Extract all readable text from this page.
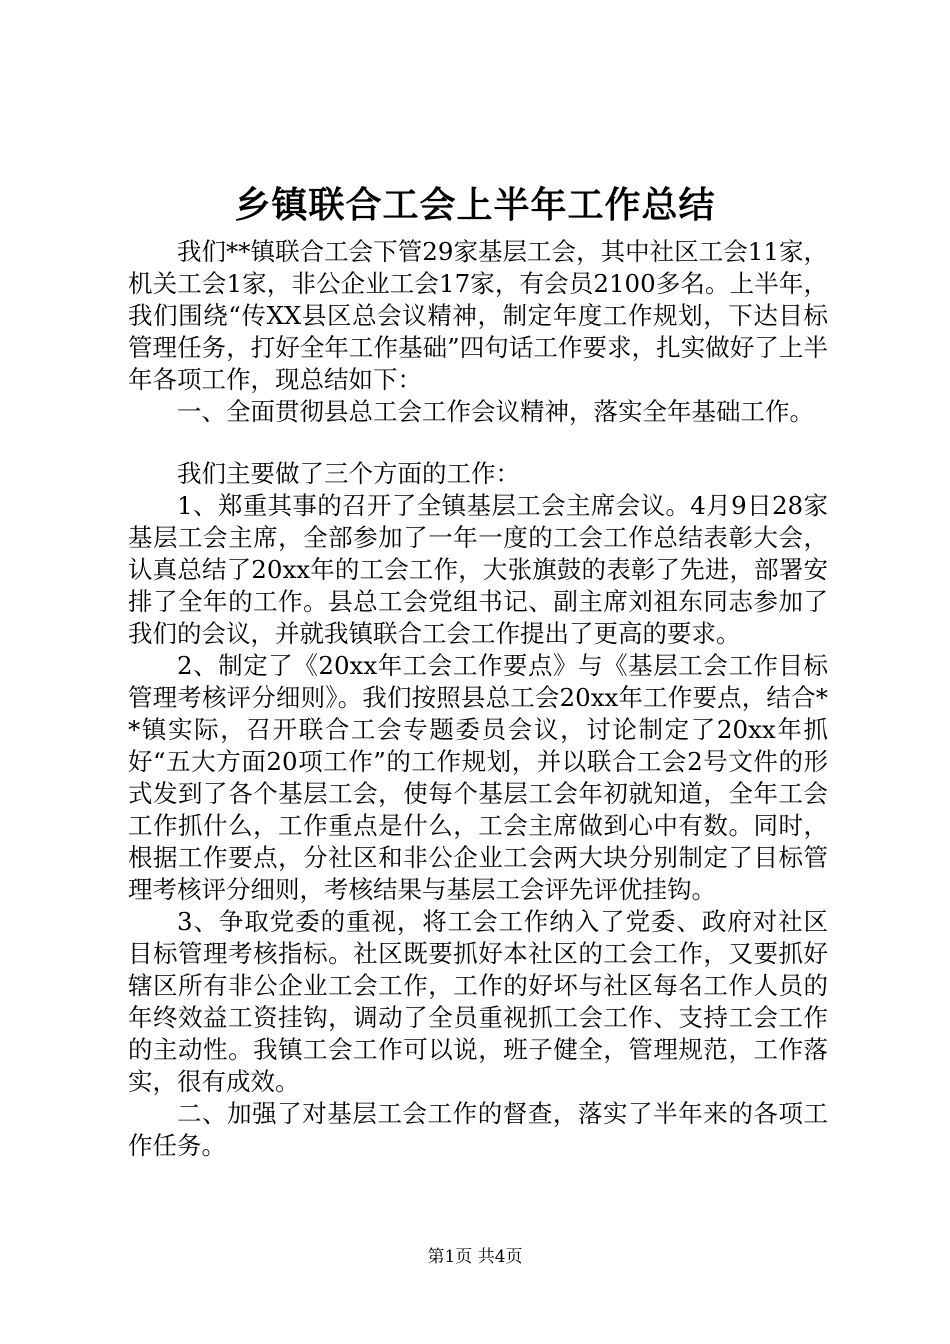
乡镇联合工会上半年工作总结

我们**镇联合工会下管29家基层工会，其中社区工会11家，机关工会1家，非公企业工会17家，有会员2100多名。上半年，我们围绕“传XX县区总会议精神，制定年度工作规划，下达目标管理任务，打好全年工作基础”四句话工作要求，扎实做好了上半年各项工作，现总结如下：

一、全面贯彻县总工会工作会议精神，落实全年基础工作。

我们主要做了三个方面的工作：

1、郑重其事的召开了全镇基层工会主席会议。4月9日28家基层工会主席，全部参加了一年一度的工会工作总结表彰大会，认真总结了20xx年的工会工作，大张旗鼓的表彰了先进，部署安排了全年的工作。县总工会党组书记、副主席刘祖东同志参加了我们的会议，并就我镇联合工会工作提出了更高的要求。

2、制定了《20xx年工会工作要点》与《基层工会工作目标管理考核评分细则》。我们按照县总工会20xx年工作要点，结合**镇实际，召开联合工会专题委员会议，讨论制定了20xx年抓好“五大方面20项工作”的工作规划，并以联合工会2号文件的形式发到了各个基层工会，使每个基层工会年初就知道，全年工会工作抓什么，工作重点是什么，工会主席做到心中有数。同时，根据工作要点，分社区和非公企业工会两大块分别制定了目标管理考核评分细则，考核结果与基层工会评先评优挂钩。

3、争取党委的重视，将工会工作纳入了党委、政府对社区目标管理考核指标。社区既要抓好本社区的工会工作，又要抓好辖区所有非公企业工会工作，工作的好坏与社区每名工作人员的年终效益工资挂钩，调动了全员重视抓工会工作、支持工会工作的主动性。我镇工会工作可以说，班子健全，管理规范，工作落实，很有成效。

二、加强了对基层工会工作的督查，落实了半年来的各项工作任务。

第1页 共4页
